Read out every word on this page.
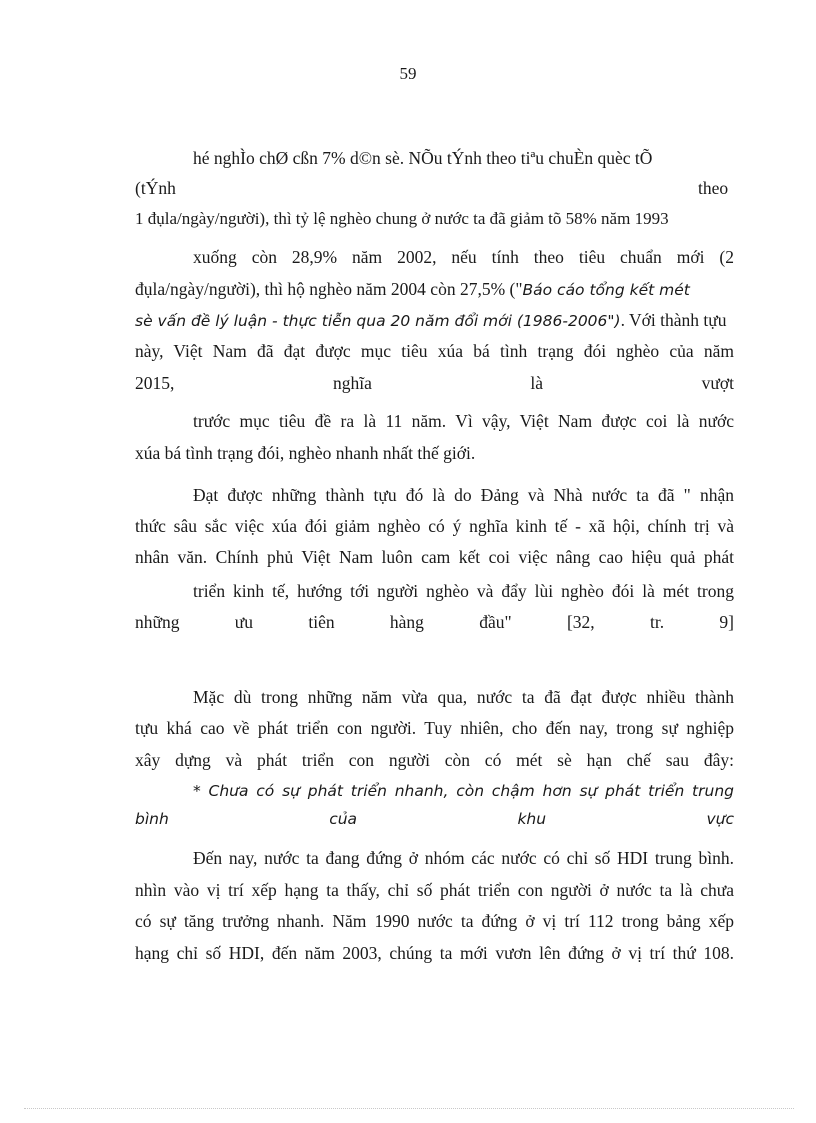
59
hé nghÌo chØ cßn 7% d©n sè. NÕu tÝnh theo tiªu chuÈn quèc tÕ
(tÝnh	theo
1 đụla/ngày/người), thì tỷ lệ nghèo chung ở nước ta đã giảm tõ 58% năm 1993
xuống còn 28,9% năm 2002, nếu tính theo tiêu chuẩn mới (2
đụla/ngày/người), thì hộ nghèo năm 2004 còn 27,5% ("Báo cáo tổng kết mét
sè vấn đề lý luận - thực tiễn qua 20 năm đổi mới (1986-2006"). Với thành tựu
này, Việt Nam đã đạt được mục tiêu xúa bá tình trạng đói nghèo của năm
2015, nghĩa là vượt
trước mục tiêu đề ra là 11 năm. Vì vậy, Việt Nam được coi là nước
xúa bá tình trạng đói, nghèo nhanh nhất thế giới.
Đạt được những thành tựu đó là do Đảng và Nhà nước ta đã " nhận
thức sâu sắc việc xúa đói giảm nghèo có ý nghĩa kinh tế - xã hội, chính trị và
nhân văn. Chính phủ Việt Nam luôn cam kết coi việc nâng cao hiệu quả phát
triển kinh tế, hướng tới người nghèo và đẩy lùi nghèo đói là mét trong
những ưu tiên hàng đầu" [32, tr. 9]
Mặc dù trong những năm vừa qua, nước ta đã đạt được nhiều thành
tựu khá cao về phát triển con người. Tuy nhiên, cho đến nay, trong sự nghiệp
xây dựng và phát triển con người còn có mét sè hạn chế sau đây:
* Chưa có sự phát triển nhanh, còn chậm hơn sự phát triển trung
bình của khu vực
Đến nay, nước ta đang đứng ở nhóm các nước có chỉ số HDI trung bình.
nhìn vào vị trí xếp hạng ta thấy, chỉ số phát triển con người ở nước ta là chưa
có sự tăng trưởng nhanh. Năm 1990 nước ta đứng ở vị trí 112 trong bảng xếp
hạng chỉ số HDI, đến năm 2003, chúng ta mới vươn lên đứng ở vị trí thứ 108.
